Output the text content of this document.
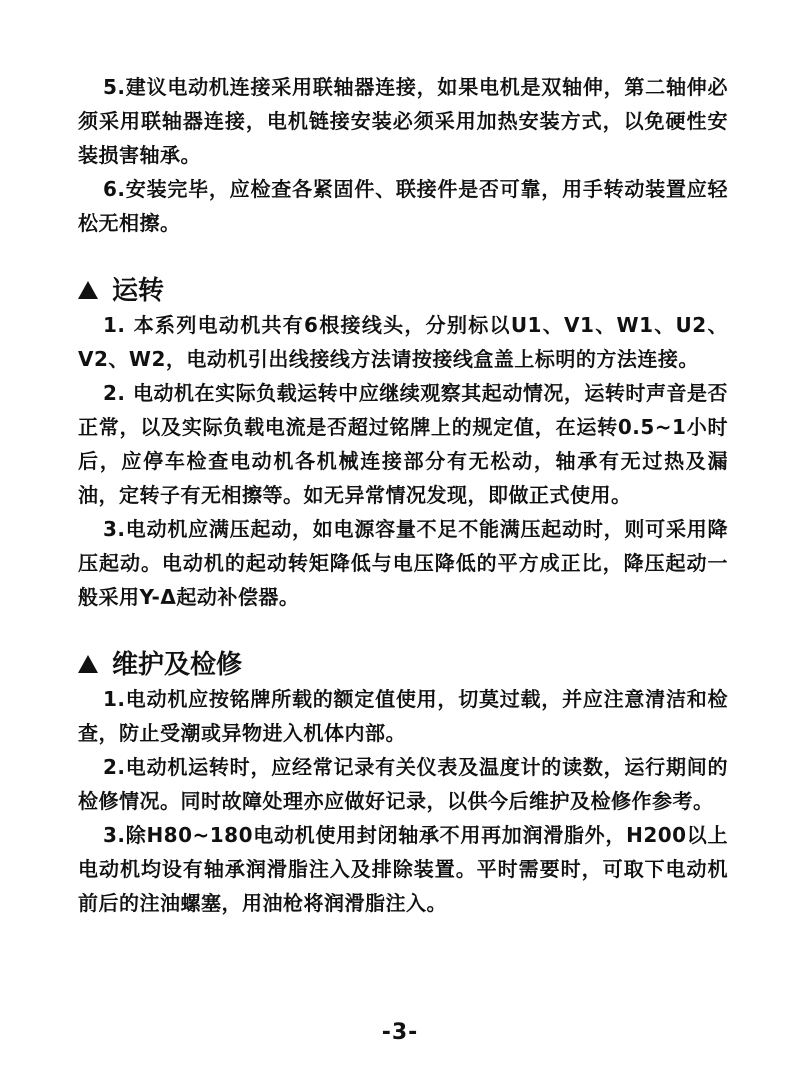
5.建议电动机连接采用联轴器连接，如果电机是双轴伸，第二轴伸必须采用联轴器连接，电机链接安装必须采用加热安装方式，以免硬性安装损害轴承。

6.安装完毕，应检查各紧固件、联接件是否可靠，用手转动装置应轻松无相擦。

运转

1. 本系列电动机共有6根接线头，分别标以U1、V1、W1、U2、V2、W2，电动机引出线接线方法请按接线盒盖上标明的方法连接。

2. 电动机在实际负载运转中应继续观察其起动情况，运转时声音是否正常，以及实际负载电流是否超过铭牌上的规定值，在运转0.5~1小时后，应停车检查电动机各机械连接部分有无松动，轴承有无过热及漏油，定转子有无相擦等。如无异常情况发现，即做正式使用。

3.电动机应满压起动，如电源容量不足不能满压起动时，则可采用降压起动。电动机的起动转矩降低与电压降低的平方成正比，降压起动一般采用Y-Δ起动补偿器。

维护及检修

1.电动机应按铭牌所载的额定值使用，切莫过载，并应注意清洁和检查，防止受潮或异物进入机体内部。

2.电动机运转时，应经常记录有关仪表及温度计的读数，运行期间的检修情况。同时故障处理亦应做好记录，以供今后维护及检修作参考。

3.除H80~180电动机使用封闭轴承不用再加润滑脂外，H200以上电动机均设有轴承润滑脂注入及排除装置。平时需要时，可取下电动机前后的注油螺塞，用油枪将润滑脂注入。

-3-
